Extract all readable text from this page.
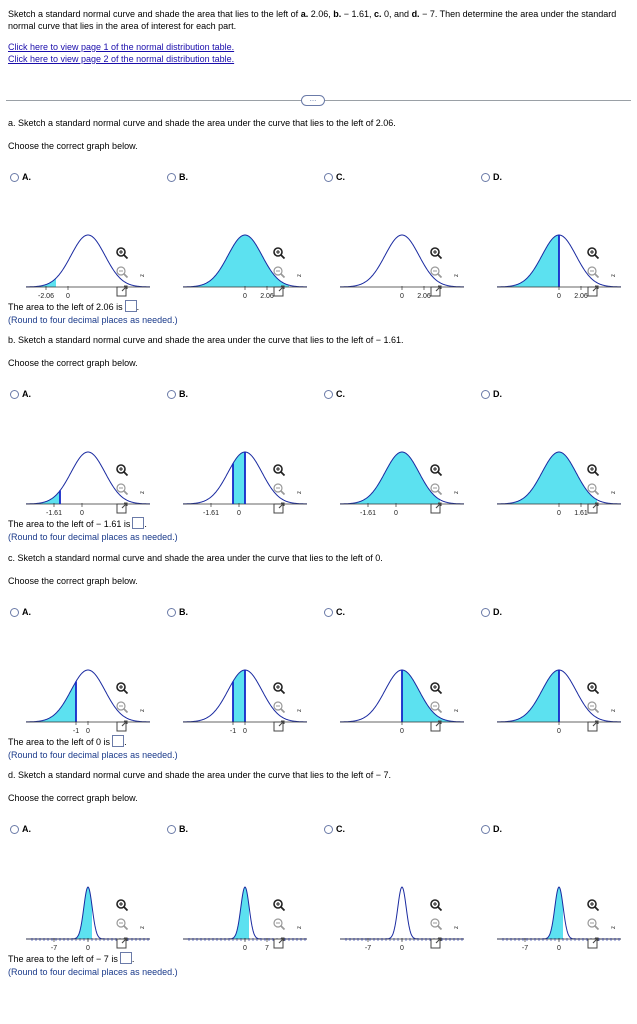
Sketch a standard normal curve and shade the area that lies to the left of a. 2.06, b. − 1.61, c. 0, and d. − 7. Then determine the area under the standard normal curve that lies in the area of interest for each part.
Click here to view page 1 of the normal distribution table.
Click here to view page 2 of the normal distribution table.
…
a. Sketch a standard normal curve and shade the area under the curve that lies to the left of 2.06.
Choose the correct graph below.
A.
-2.06 0
z
B.
0 2.06
z
C.
0 2.06
z
D.
0 2.06
z
The area to the left of 2.06 is .
(Round to four decimal places as needed.)
b. Sketch a standard normal curve and shade the area under the curve that lies to the left of − 1.61.
Choose the correct graph below.
A.
-1.61	0
z
B.
-1.61	0
z
C.
-1.61	0
z
D.
0 1.61
z
The area to the left of − 1.61 is .
(Round to four decimal places as needed.)
c. Sketch a standard normal curve and shade the area under the curve that lies to the left of 0.
Choose the correct graph below.
A.
-1 0
z
B.
-1 0
z
C.
0
z
D.
0
z
The area to the left of 0 is .
(Round to four decimal places as needed.)
d. Sketch a standard normal curve and shade the area under the curve that lies to the left of − 7.
Choose the correct graph below.
A.
-7	0
z
B.
0	7
z
C.
-7	0
z
D.
-7	0
z
The area to the left of − 7 is .
(Round to four decimal places as needed.)
